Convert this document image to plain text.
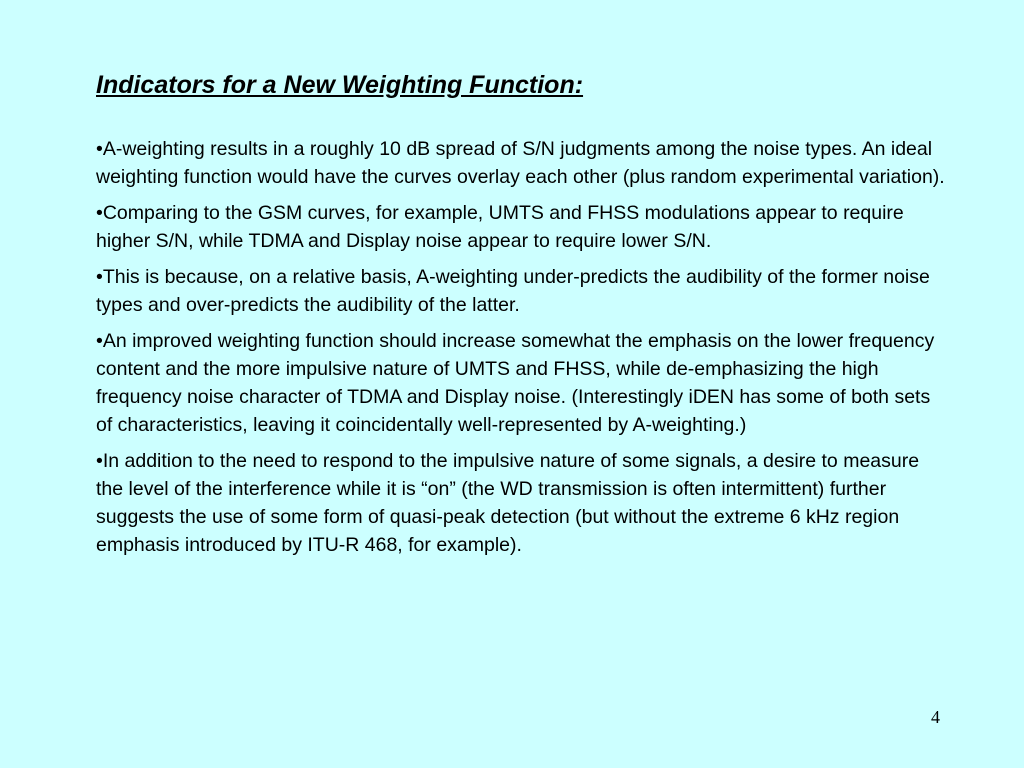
Indicators for a New Weighting Function:
•A-weighting results in a roughly 10 dB spread of S/N judgments among the noise types. An ideal weighting function would have the curves overlay each other (plus random experimental variation).
•Comparing to the GSM curves, for example, UMTS and FHSS modulations appear to require higher S/N, while TDMA and Display noise appear to require lower S/N.
•This is because, on a relative basis, A-weighting under-predicts the audibility of the former noise types and over-predicts the audibility of the latter.
•An improved weighting function should increase somewhat the emphasis on the lower frequency content and the more impulsive nature of UMTS and FHSS, while de-emphasizing the high frequency noise character of TDMA and Display noise. (Interestingly iDEN has some of both sets of characteristics, leaving it coincidentally well-represented by A-weighting.)
•In addition to the need to respond to the impulsive nature of some signals, a desire to measure the level of the interference while it is “on” (the WD transmission is often intermittent) further suggests the use of some form of quasi-peak detection (but without the extreme 6 kHz region emphasis introduced by ITU-R 468, for example).
4
